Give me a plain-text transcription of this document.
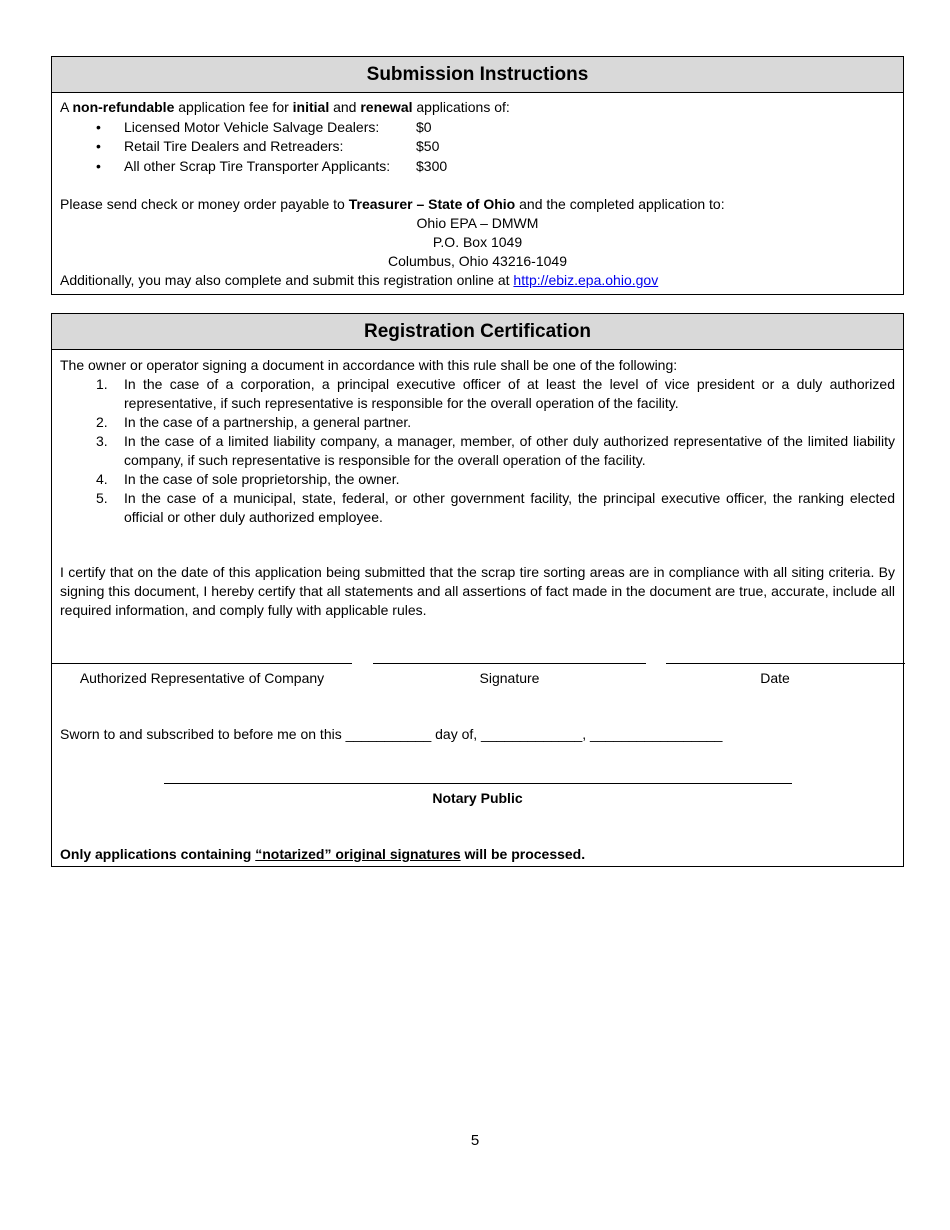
Submission Instructions
A non-refundable application fee for initial and renewal applications of:
• Licensed Motor Vehicle Salvage Dealers:	$0
• Retail Tire Dealers and Retreaders:	$50
• All other Scrap Tire Transporter Applicants: $300
Please send check or money order payable to Treasurer – State of Ohio and the completed application to:
Ohio EPA – DMWM
P.O. Box 1049
Columbus, Ohio 43216-1049
Additionally, you may also complete and submit this registration online at http://ebiz.epa.ohio.gov
Registration Certification
The owner or operator signing a document in accordance with this rule shall be one of the following:
1.	In the case of a corporation, a principal executive officer of at least the level of vice president or a duly authorized representative, if such representative is responsible for the overall operation of the facility.
2.	In the case of a partnership, a general partner.
3.	In the case of a limited liability company, a manager, member, of other duly authorized representative of the limited liability company, if such representative is responsible for the overall operation of the facility.
4.	In the case of sole proprietorship, the owner.
5.	In the case of a municipal, state, federal, or other government facility, the principal executive officer, the ranking elected official or other duly authorized employee.
I certify that on the date of this application being submitted that the scrap tire sorting areas are in compliance with all siting criteria. By signing this document, I hereby certify that all statements and all assertions of fact made in the document are true, accurate, include all required information, and comply fully with applicable rules.
Authorized Representative of Company	Signature	Date
Sworn to and subscribed to before me on this ___________ day of, _____________, _________________
Notary Public
Only applications containing “notarized” original signatures will be processed.
5
